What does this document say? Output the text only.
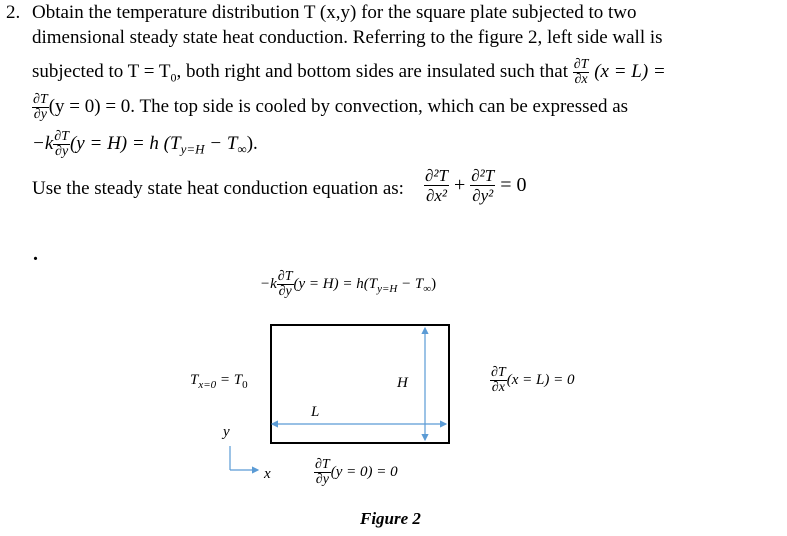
2. Obtain the temperature distribution T (x,y) for the square plate subjected to two
dimensional steady state heat conduction. Referring to the figure 2, left side wall is
subjected to $T = T_0$, both right and bottom sides are insulated such that $\frac{\partial T}{\partial x} (x = L)$ =
$\frac{\partial T}{\partial y} (y = 0) = 0$. The top side is cooled by convection, which can be expressed as
$-k \frac{\partial T}{\partial y} (y = H) = h$ $(T_{y=H} - T_\infty)$.
Use the steady state heat conduction equation as: $\frac{\text{∂²T}}{\text{∂x²}} + \frac{\text{∂²T}}{\text{∂y²}} = 0$
.
$-k \frac{\partial T}{\partial y} (y = H) = h(T_{y=H} - T_\infty)$
H
L
$T_{x=0} = T_0$	$\frac{\partial T}{\partial x} (x = L) = 0$
y
x	$\frac{\partial T}{\partial y} (y = 0) = 0$
Figure 2
